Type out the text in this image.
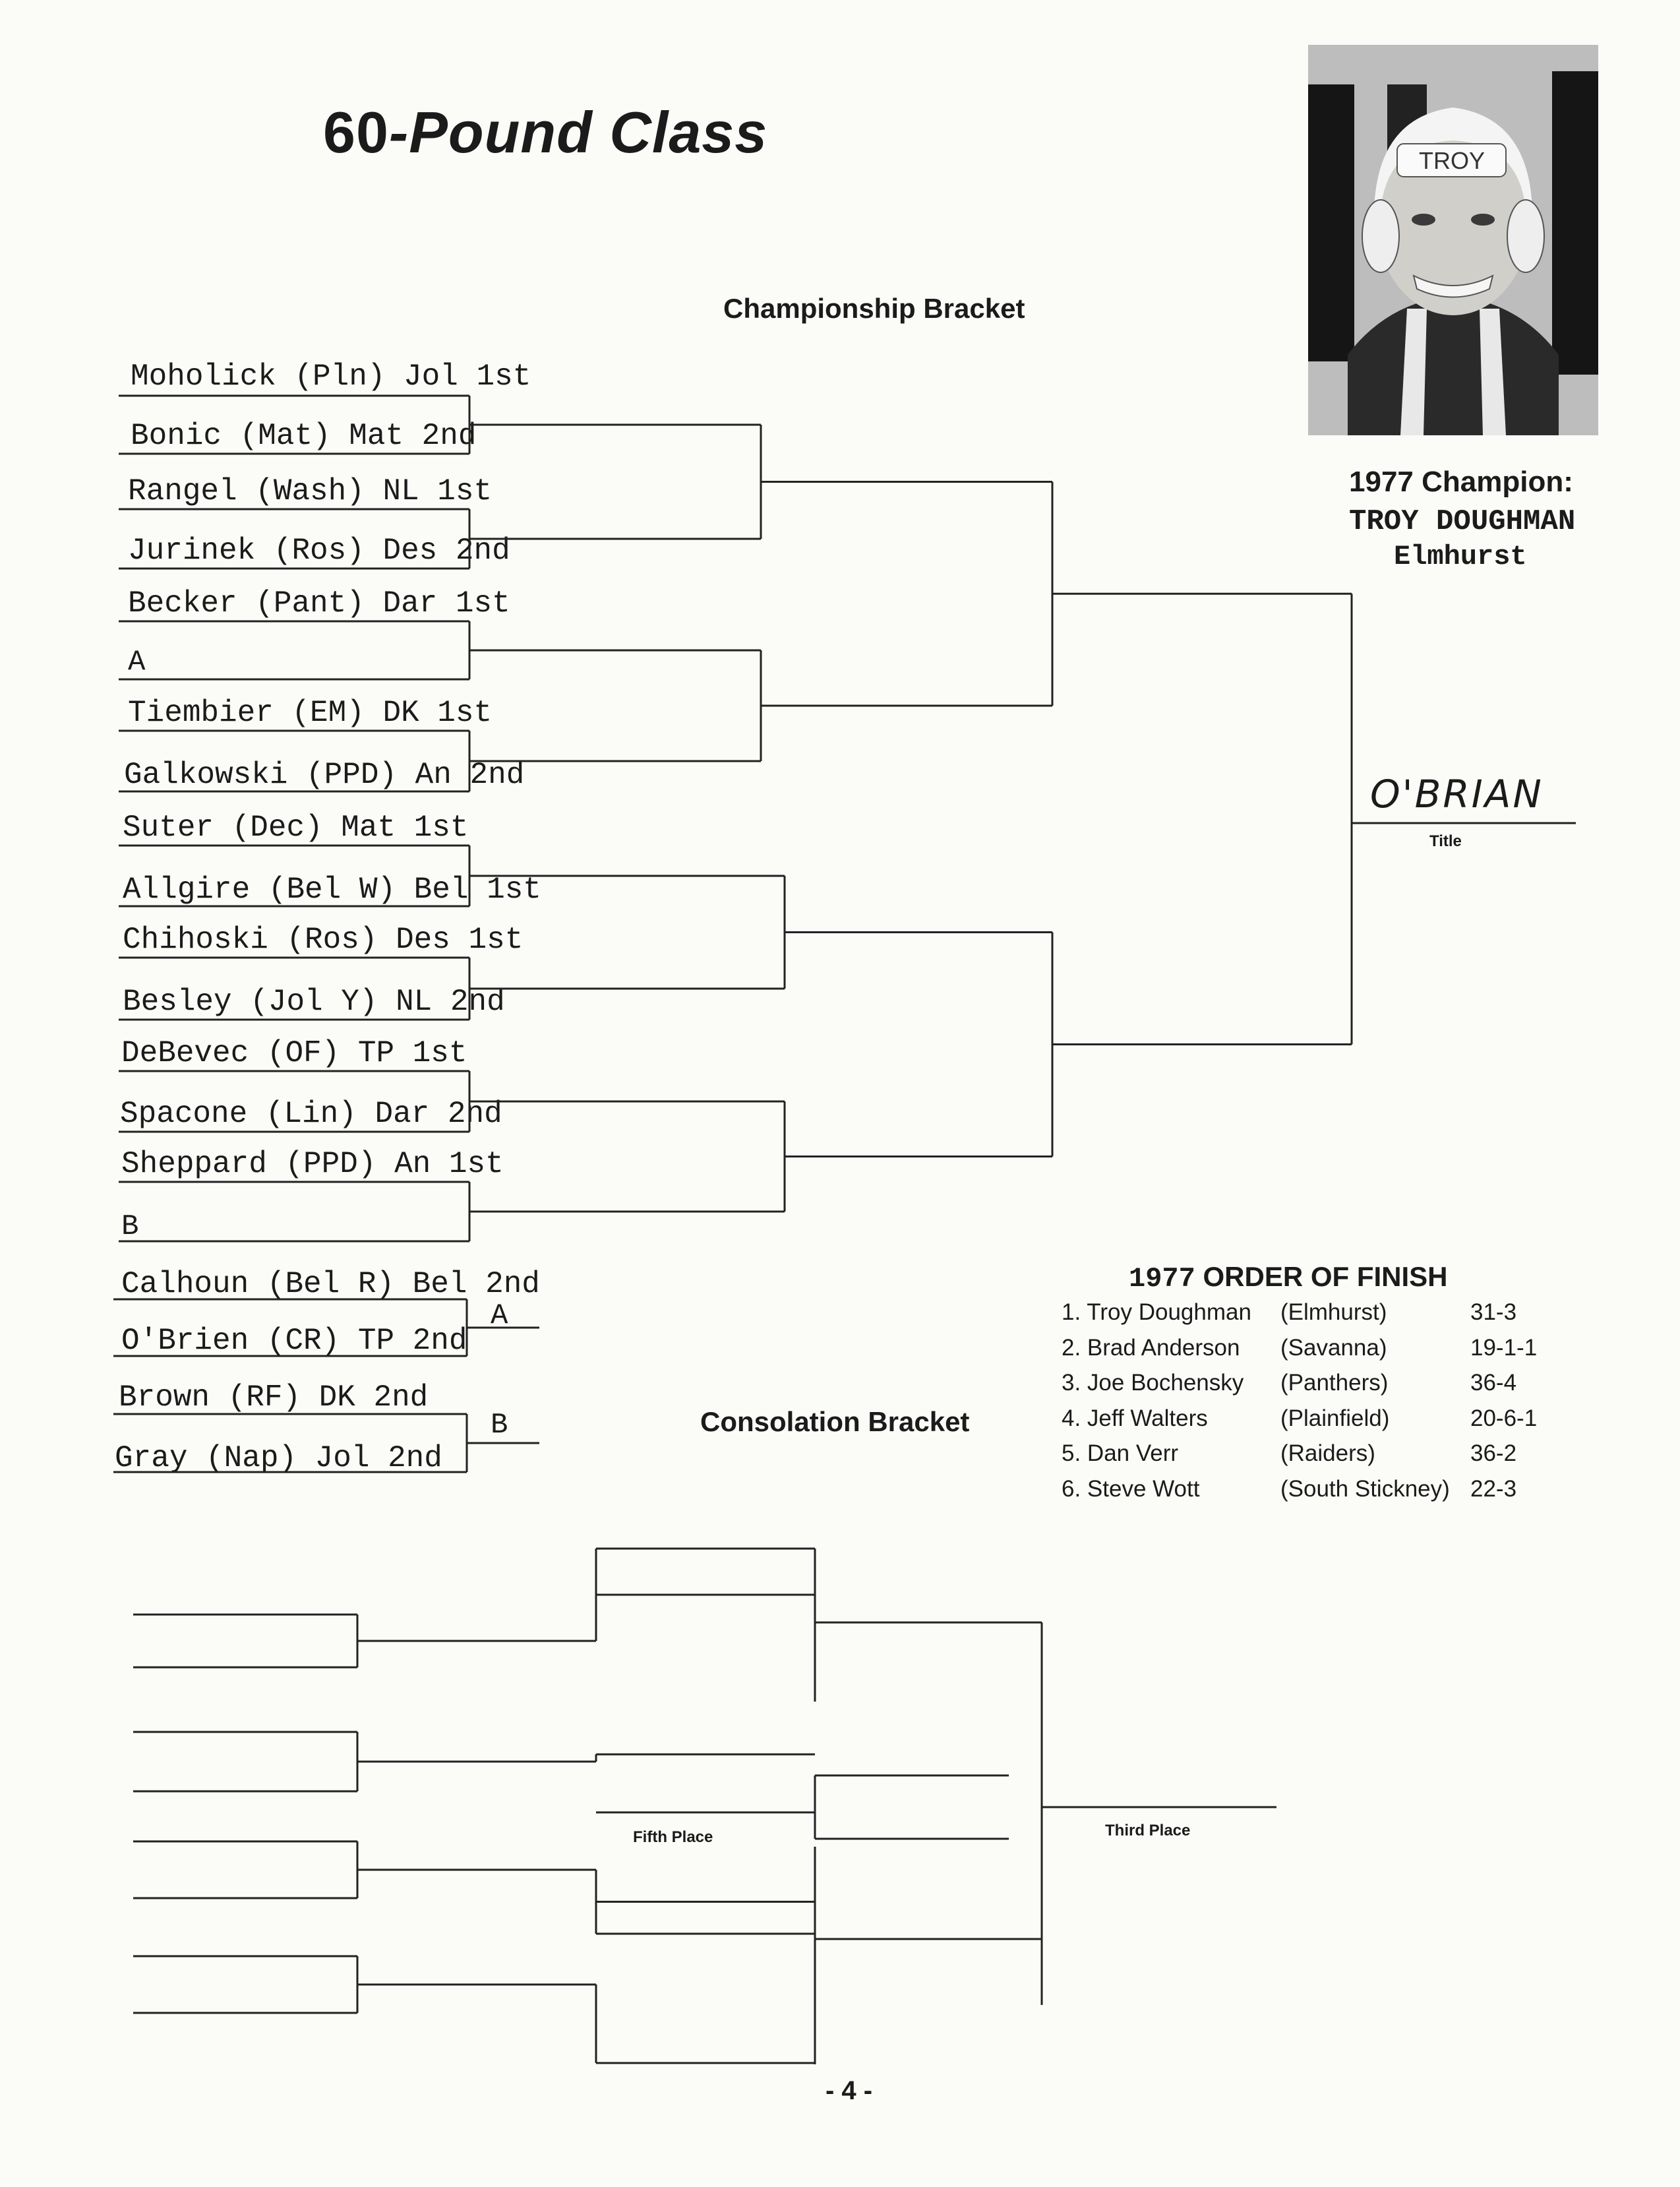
60-Pound Class	TROY
1977 Champion:
TROY DOUGHMAN
Elmhurst
Championship Bracket
Moholick (Pln) Jol 1st
Bonic (Mat) Mat 2nd
Rangel (Wash) NL 1st
Jurinek (Ros) Des 2nd
Becker (Pant) Dar 1st
A
Tiembier (EM) DK 1st
Galkowski (PPD) An 2nd
Suter (Dec) Mat 1st
Allgire (Bel W) Bel 1st
Chihoski (Ros) Des 1st
Besley (Jol Y) NL 2nd
DeBevec (OF) TP 1st
Spacone (Lin) Dar 2nd
Sheppard (PPD) An 1st
B
O'BRIAN
Title
Calhoun (Bel R) Bel 2nd
O'Brien (CR) TP 2nd
Brown (RF) DK 2nd
Gray (Nap) Jol 2nd
A
B	Consolation Bracket
Fifth Place	Third Place
1977 ORDER OF FINISH
1. Troy Doughman (Elmhurst)	31-3
2. Brad Anderson (Savanna)	19-1-1
3. Joe Bochensky (Panthers)	36-4
4. Jeff Walters	(Plainfield)	20-6-1
5. Dan Verr	(Raiders)	36-2
6. Steve Wott	(South Stickney) 22-3
- 4 -
